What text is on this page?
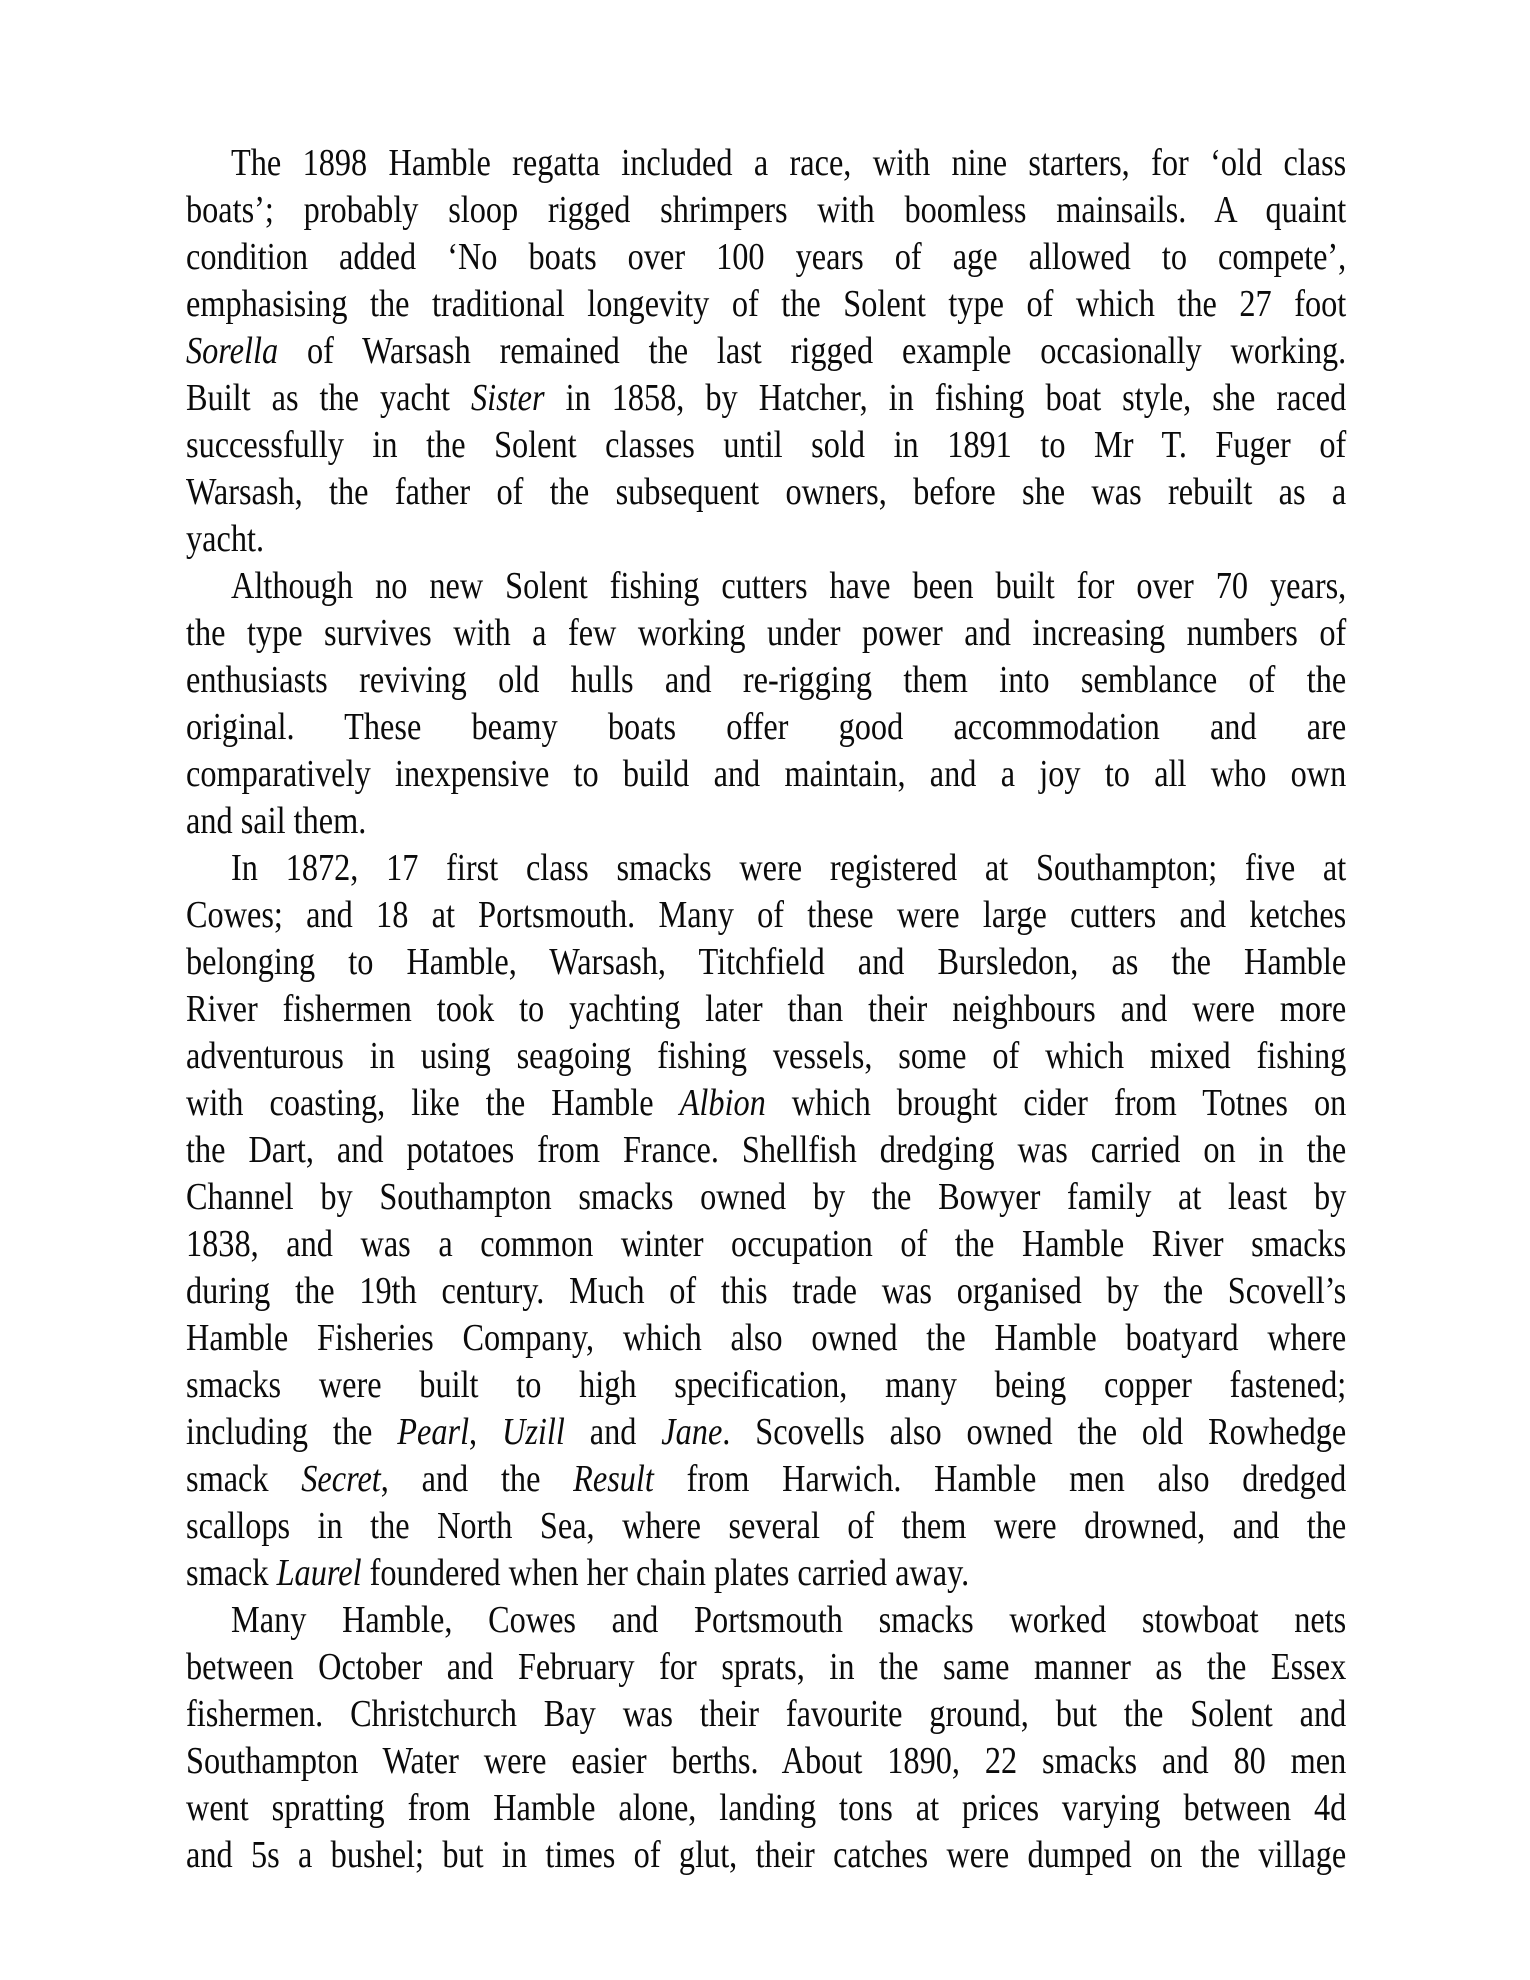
The 1898 Hamble regatta included a race, with nine starters, for ‘old class
boats’; probably sloop rigged shrimpers with boomless mainsails. A quaint
condition added ‘No boats over 100 years of age allowed to compete’,
emphasising the traditional longevity of the Solent type of which the 27 foot
Sorella of Warsash remained the last rigged example occasionally working.
Built as the yacht Sister in 1858, by Hatcher, in fishing boat style, she raced
successfully in the Solent classes until sold in 1891 to Mr T. Fuger of
Warsash, the father of the subsequent owners, before she was rebuilt as a
yacht.
Although no new Solent fishing cutters have been built for over 70 years,
the type survives with a few working under power and increasing numbers of
enthusiasts reviving old hulls and re-rigging them into semblance of the
original. These beamy boats offer good accommodation and are
comparatively inexpensive to build and maintain, and a joy to all who own
and sail them.
In 1872, 17 first class smacks were registered at Southampton; five at
Cowes; and 18 at Portsmouth. Many of these were large cutters and ketches
belonging to Hamble, Warsash, Titchfield and Bursledon, as the Hamble
River fishermen took to yachting later than their neighbours and were more
adventurous in using seagoing fishing vessels, some of which mixed fishing
with coasting, like the Hamble Albion which brought cider from Totnes on
the Dart, and potatoes from France. Shellfish dredging was carried on in the
Channel by Southampton smacks owned by the Bowyer family at least by
1838, and was a common winter occupation of the Hamble River smacks
during the 19th century. Much of this trade was organised by the Scovell’s
Hamble Fisheries Company, which also owned the Hamble boatyard where
smacks were built to high specification, many being copper fastened;
including the Pearl, Uzill and Jane. Scovells also owned the old Rowhedge
smack Secret, and the Result from Harwich. Hamble men also dredged
scallops in the North Sea, where several of them were drowned, and the
smack Laurel foundered when her chain plates carried away.
Many Hamble, Cowes and Portsmouth smacks worked stowboat nets
between October and February for sprats, in the same manner as the Essex
fishermen. Christchurch Bay was their favourite ground, but the Solent and
Southampton Water were easier berths. About 1890, 22 smacks and 80 men
went spratting from Hamble alone, landing tons at prices varying between 4d
and 5s a bushel; but in times of glut, their catches were dumped on the village
